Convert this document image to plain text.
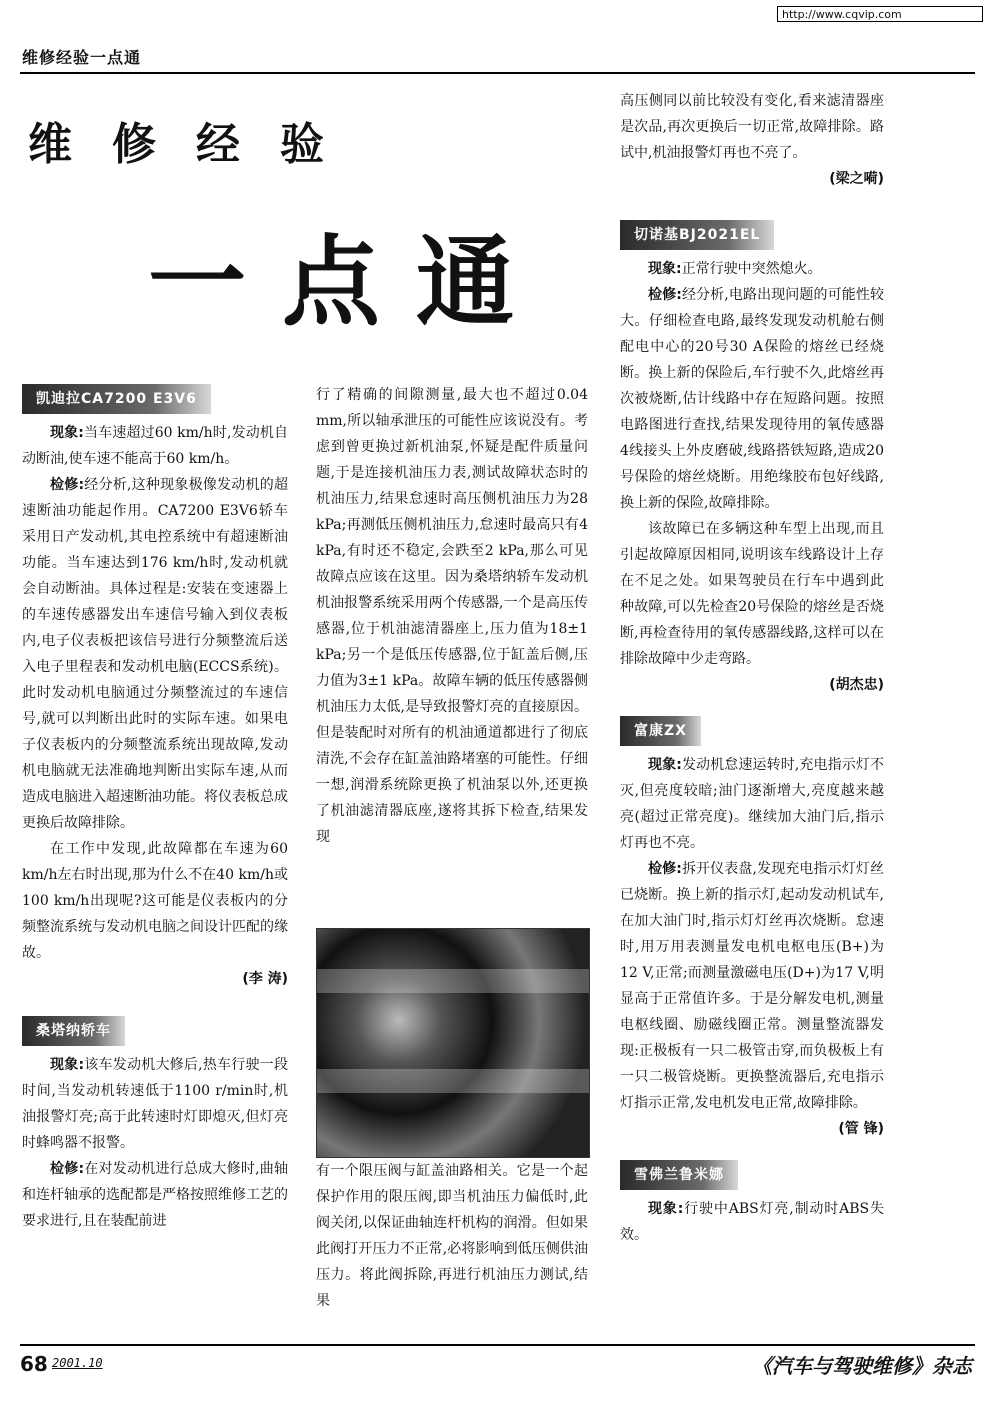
http://www.cqvip.com
维修经验一点通
维修经验
一点通
凯迪拉CA7200 E3V6

现象:当车速超过60 km/h时,发动机自动断油,使车速不能高于60 km/h。

检修:经分析,这种现象极像发动机的超速断油功能起作用。CA7200 E3V6轿车采用日产发动机,其电控系统中有超速断油功能。当车速达到176 km/h时,发动机就会自动断油。具体过程是:安装在变速器上的车速传感器发出车速信号输入到仪表板内,电子仪表板把该信号进行分频整流后送入电子里程表和发动机电脑(ECCS系统)。此时发动机电脑通过分频整流过的车速信号,就可以判断出此时的实际车速。如果电子仪表板内的分频整流系统出现故障,发动机电脑就无法准确地判断出实际车速,从而造成电脑进入超速断油功能。将仪表板总成更换后故障排除。

在工作中发现,此故障都在车速为60 km/h左右时出现,那为什么不在40 km/h或100 km/h出现呢?这可能是仪表板内的分频整流系统与发动机电脑之间设计匹配的缘故。

(李 涛)
桑塔纳轿车

现象:该车发动机大修后,热车行驶一段时间,当发动机转速低于1100 r/min时,机油报警灯亮;高于此转速时灯即熄灭,但灯亮时蜂鸣器不报警。

检修:在对发动机进行总成大修时,曲轴和连杆轴承的选配都是严格按照维修工艺的要求进行,且在装配前进

行了精确的间隙测量,最大也不超过0.04 mm,所以轴承泄压的可能性应该说没有。考虑到曾更换过新机油泵,怀疑是配件质量问题,于是连接机油压力表,测试故障状态时的机油压力,结果怠速时高压侧机油压力为28 kPa;再测低压侧机油压力,怠速时最高只有4 kPa,有时还不稳定,会跌至2 kPa,那么可见故障点应该在这里。因为桑塔纳轿车发动机机油报警系统采用两个传感器,一个是高压传感器,位于机油滤清器座上,压力值为18±1 kPa;另一个是低压传感器,位于缸盖后侧,压力值为3±1 kPa。故障车辆的低压传感器侧机油压力太低,是导致报警灯亮的直接原因。但是装配时对所有的机油通道都进行了彻底清洗,不会存在缸盖油路堵塞的可能性。仔细一想,润滑系统除更换了机油泵以外,还更换了机油滤清器底座,遂将其拆下检查,结果发现

有一个限压阀与缸盖油路相关。它是一个起保护作用的限压阀,即当机油压力偏低时,此阀关闭,以保证曲轴连杆机构的润滑。但如果此阀打开压力不正常,必将影响到低压侧供油压力。将此阀拆除,再进行机油压力测试,结果

高压侧同以前比较没有变化,看来滤清器座是次品,再次更换后一切正常,故障排除。路试中,机油报警灯再也不亮了。

(梁之嗬)
切诺基BJ2021EL

现象:正常行驶中突然熄火。

检修:经分析,电路出现问题的可能性较大。仔细检查电路,最终发现发动机舱右侧配电中心的20号30 A保险的熔丝已经烧断。换上新的保险后,车行驶不久,此熔丝再次被烧断,估计线路中存在短路问题。按照电路图进行查找,结果发现待用的氧传感器4线接头上外皮磨破,线路搭铁短路,造成20号保险的熔丝烧断。用绝缘胶布包好线路,换上新的保险,故障排除。

该故障已在多辆这种车型上出现,而且引起故障原因相同,说明该车线路设计上存在不足之处。如果驾驶员在行车中遇到此种故障,可以先检查20号保险的熔丝是否烧断,再检查待用的氧传感器线路,这样可以在排除故障中少走弯路。

(胡杰忠)
富康ZX

现象:发动机怠速运转时,充电指示灯不灭,但亮度较暗;油门逐渐增大,亮度越来越亮(超过正常亮度)。继续加大油门后,指示灯再也不亮。

检修:拆开仪表盘,发现充电指示灯灯丝已烧断。换上新的指示灯,起动发动机试车,在加大油门时,指示灯灯丝再次烧断。怠速时,用万用表测量发电机电枢电压(B+)为12 V,正常;而测量激磁电压(D+)为17 V,明显高于正常值许多。于是分解发电机,测量电枢线圈、励磁线圈正常。测量整流器发现:正极板有一只二极管击穿,而负极板上有一只二极管烧断。更换整流器后,充电指示灯指示正常,发电机发电正常,故障排除。

(管 锋)
雪佛兰鲁米娜

现象:行驶中ABS灯亮,制动时ABS失效。

68 2001.10	《汽车与驾驶维修》杂志
